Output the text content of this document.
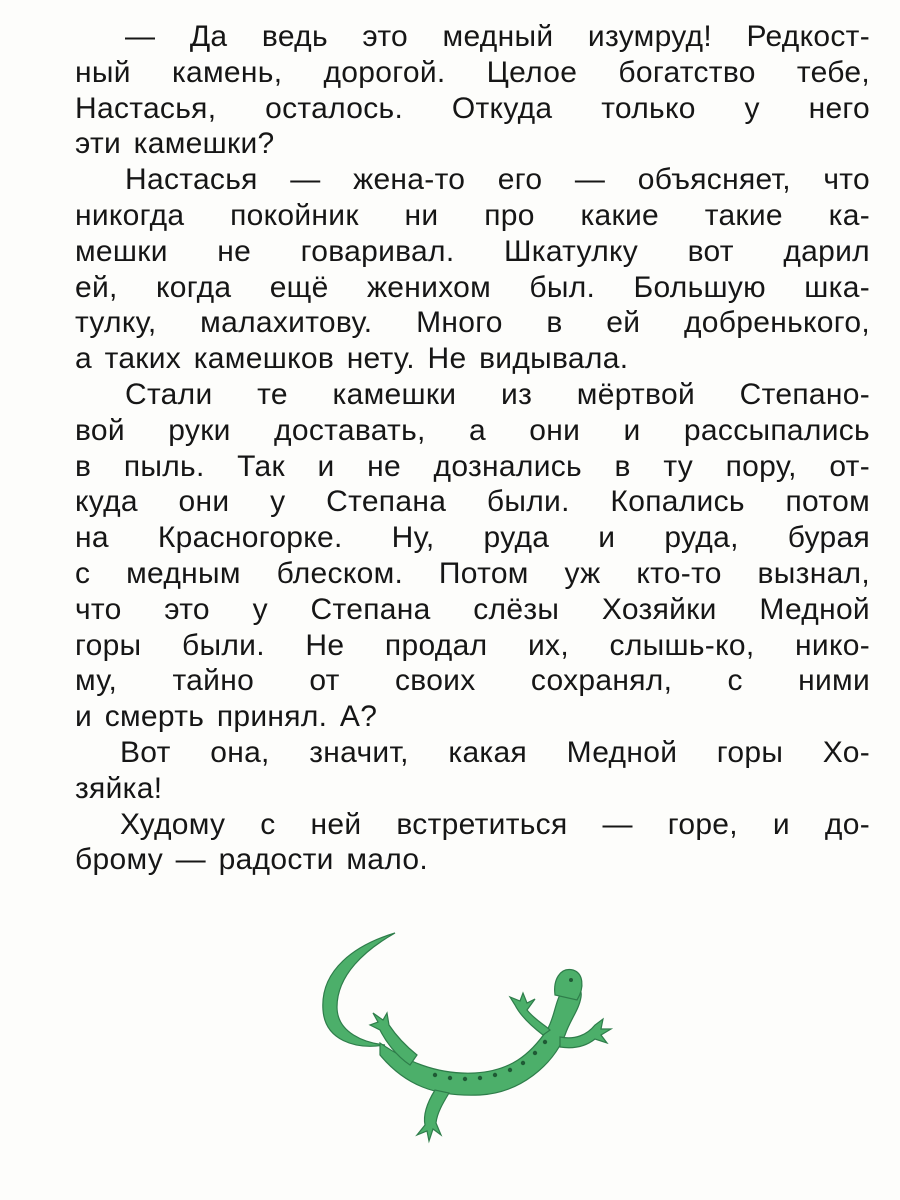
— Да ведь это медный изумруд! Редкост-
ный камень, дорогой. Целое богатство тебе,
Настасья, осталось. Откуда только у него
эти камешки?
Настасья — жена-то его — объясняет, что
никогда покойник ни про какие такие ка-
мешки не говаривал. Шкатулку вот дарил
ей, когда ещё женихом был. Большую шка-
тулку, малахитову. Много в ей добренького,
а таких камешков нету. Не видывала.
Стали те камешки из мёртвой Степано-
вой руки доставать, а они и рассыпались
в пыль. Так и не дознались в ту пору, от-
куда они у Степана были. Копались потом
на Красногорке. Ну, руда и руда, бурая
с медным блеском. Потом уж кто-то вызнал,
что это у Степана слёзы Хозяйки Медной
горы были. Не продал их, слышь-ко, нико-
му, тайно от своих сохранял, с ними
и смерть принял. А?
Вот она, значит, какая Медной горы Хо-
зяйка!
Худому с ней встретиться — горе, и до-
брому — радости мало.
